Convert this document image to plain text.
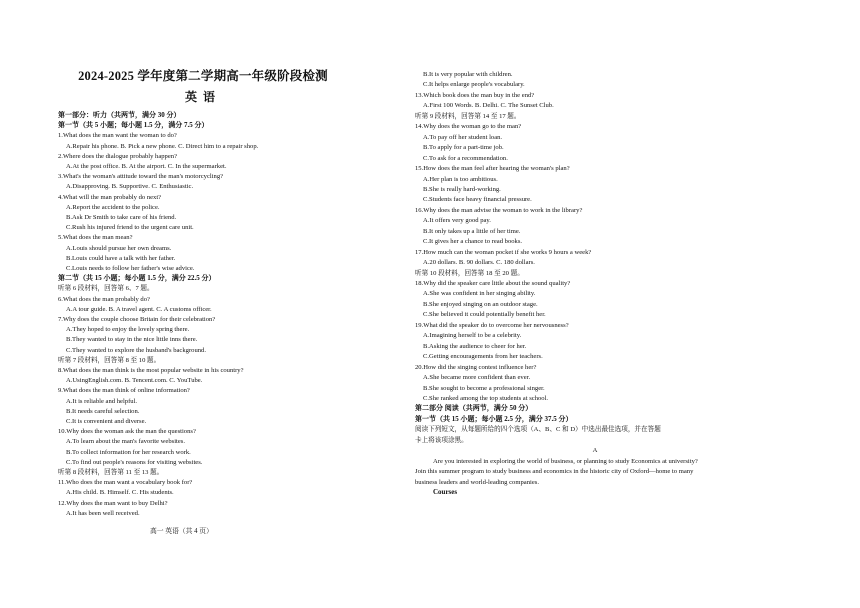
2024-2025 学年度第二学期高一年级阶段检测
英语
第一部分：听力（共两节，满分 30 分）
第一节（共 5 小题；每小题 1.5 分，满分 7.5 分）
1.What does the man want the woman to do?
A.Repair his phone. B. Pick a new phone. C. Direct him to a repair shop.
2.Where does the dialogue probably happen?
A.At the post office. B. At the airport. C. In the supermarket.
3.What's the woman's attitude toward the man's motorcycling?
A.Disapproving. B. Supportive. C. Enthusiastic.
4.What will the man probably do next?
A.Report the accident to the police.
B.Ask Dr Smith to take care of his friend.
C.Rush his injured friend to the urgent care unit.
5.What does the man mean?
A.Louis should pursue her own dreams.
B.Louis could have a talk with her father.
C.Louis needs to follow her father's wise advice.
第二节（共 15 小题；每小题 1.5 分，满分 22.5 分）
听第 6 段材料，回答第 6、7 题。
6.What does the man probably do?
A.A tour guide. B. A travel agent. C. A customs officer.
7.Why does the couple choose Britain for their celebration?
A.They hoped to enjoy the lovely spring there.
B.They wanted to stay in the nice little inns there.
C.They wanted to explore the husband's background.
听第 7 段材料，回答第 8 至 10 题。
8.What does the man think is the most popular website in his country?
A.UsingEnglish.com. B. Tencent.com. C. YouTube.
9.What does the man think of online information?
A.It is reliable and helpful.
B.It needs careful selection.
C.It is convenient and diverse.
10.Why does the woman ask the man the questions?
A.To learn about the man's favorite websites.
B.To collect information for her research work.
C.To find out people's reasons for visiting websites.
听第 8 段材料，回答第 11 至 13 题。
11.Who does the man want a vocabulary book for?
A.His child. B. Himself. C. His students.
12.Why does the man want to buy Delhi?
A.It has been well received.
高一 英语（共 4 页）
B.It is very popular with children.
C.It helps enlarge people's vocabulary.
13.Which book does the man buy in the end?
A.First 100 Words. B. Delhi. C. The Sunset Club.
听第 9 段材料，回答第 14 至 17 题。
14.Why does the woman go to the man?
A.To pay off her student loan.
B.To apply for a part-time job.
C.To ask for a recommendation.
15.How does the man feel after hearing the woman's plan?
A.Her plan is too ambitious.
B.She is really hard-working.
C.Students face heavy financial pressure.
16.Why does the man advise the woman to work in the library?
A.It offers very good pay.
B.It only takes up a little of her time.
C.It gives her a chance to read books.
17.How much can the woman pocket if she works 9 hours a week?
A.20 dollars. B. 90 dollars. C. 180 dollars.
听第 10 段材料，回答第 18 至 20 题。
18.Why did the speaker care little about the sound quality?
A.She was confident in her singing ability.
B.She enjoyed singing on an outdoor stage.
C.She believed it could potentially benefit her.
19.What did the speaker do to overcome her nervousness?
A.Imagining herself to be a celebrity.
B.Asking the audience to cheer for her.
C.Getting encouragements from her teachers.
20.How did the singing contest influence her?
A.She became more confident than ever.
B.She sought to become a professional singer.
C.She ranked among the top students at school.
第二部分 阅读（共两节，满分 50 分）
第一节（共 15 小题；每小题 2.5 分，满分 37.5 分）
阅读下列短文，从每题所给的四个选项（A、B、C 和 D）中选出最佳选项，并在答题
卡上将该项涂黑。
A
Are you interested in exploring the world of business, or planning to study Economics at university?
Join this summer program to study business and economics in the historic city of Oxford—home to many
business leaders and world-leading companies.
Courses
